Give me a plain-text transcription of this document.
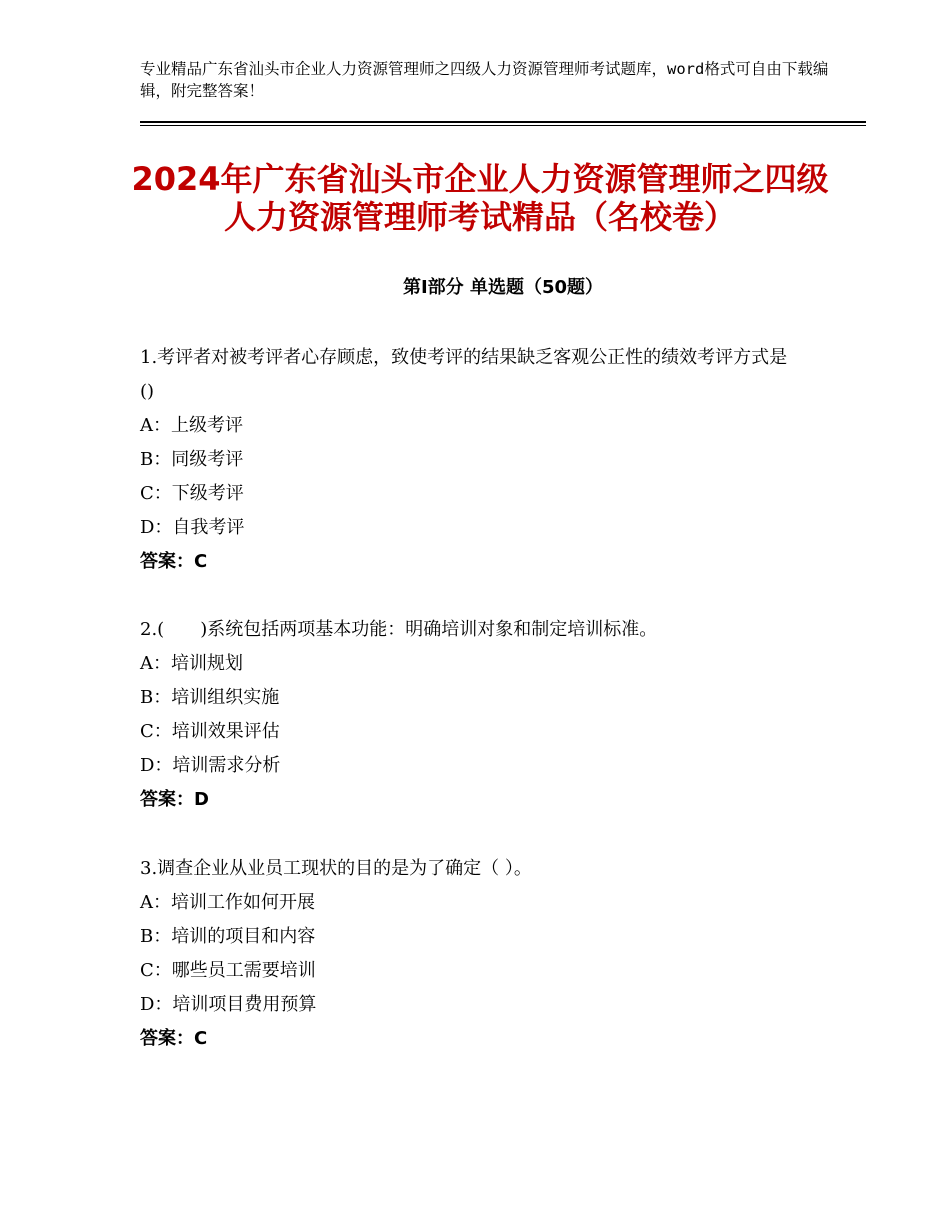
专业精品广东省汕头市企业人力资源管理师之四级人力资源管理师考试题库，word格式可自由下载编辑，附完整答案！
2024年广东省汕头市企业人力资源管理师之四级人力资源管理师考试精品（名校卷）
第Ⅰ部分 单选题（50题）
1.考评者对被考评者心存顾虑，致使考评的结果缺乏客观公正性的绩效考评方式是()
A：上级考评
B：同级考评
C：下级考评
D：自我考评
答案：C
2.(　　)系统包括两项基本功能：明确培训对象和制定培训标准。
A：培训规划
B：培训组织实施
C：培训效果评估
D：培训需求分析
答案：D
3.调查企业从业员工现状的目的是为了确定（ ）。
A：培训工作如何开展
B：培训的项目和内容
C：哪些员工需要培训
D：培训项目费用预算
答案：C
